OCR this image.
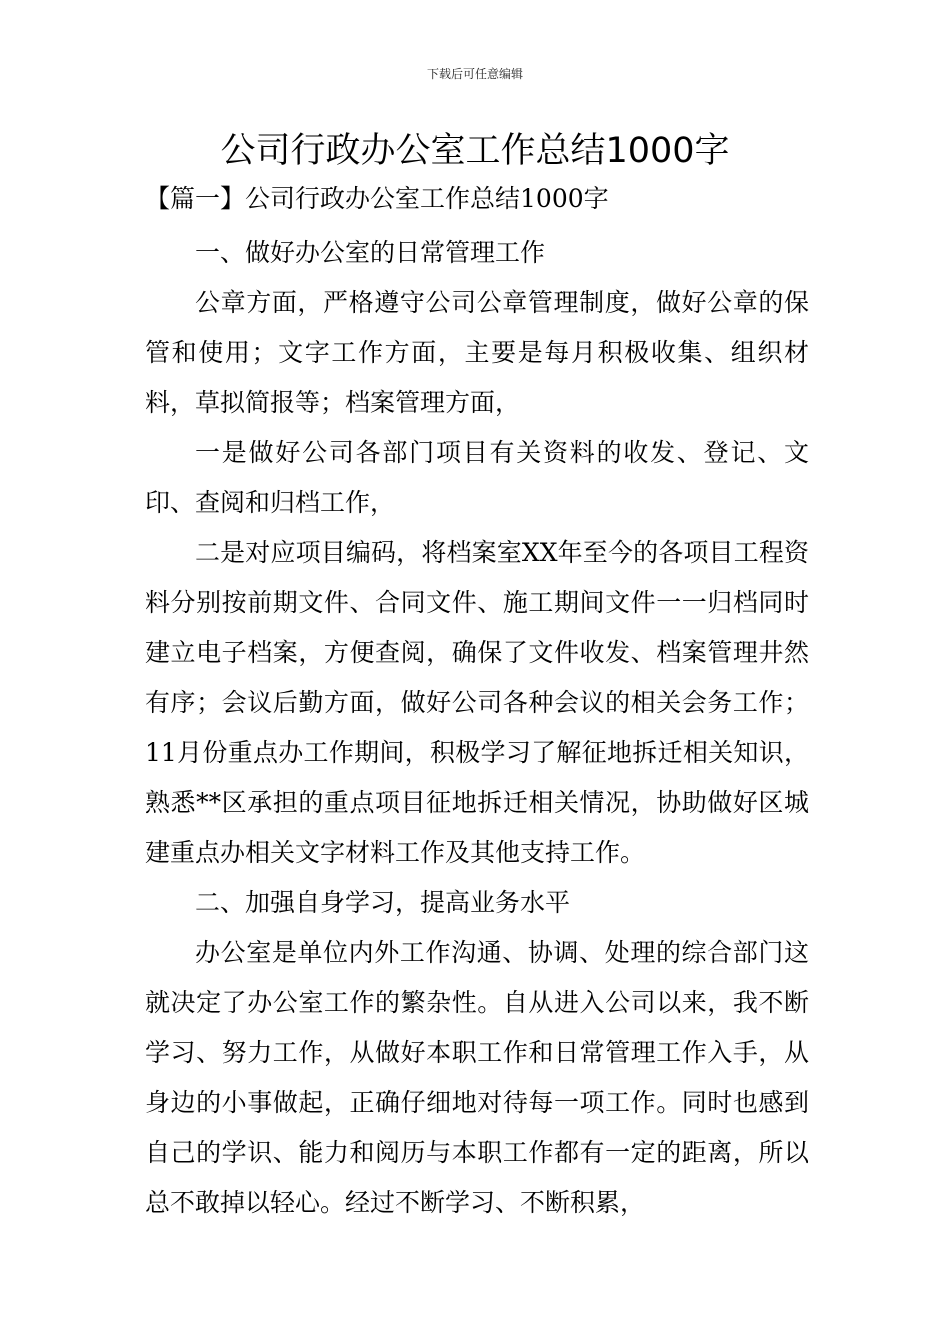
下载后可任意编辑
公司行政办公室工作总结1000字
【篇一】公司行政办公室工作总结1000字

一、做好办公室的日常管理工作

公章方面，严格遵守公司公章管理制度，做好公章的保管和使用；文字工作方面，主要是每月积极收集、组织材料，草拟简报等；档案管理方面，

一是做好公司各部门项目有关资料的收发、登记、文印、查阅和归档工作，

二是对应项目编码，将档案室XX年至今的各项目工程资料分别按前期文件、合同文件、施工期间文件一一归档同时建立电子档案，方便查阅，确保了文件收发、档案管理井然有序；会议后勤方面，做好公司各种会议的相关会务工作；11月份重点办工作期间，积极学习了解征地拆迁相关知识，熟悉**区承担的重点项目征地拆迁相关情况，协助做好区城建重点办相关文字材料工作及其他支持工作。

二、加强自身学习，提高业务水平

办公室是单位内外工作沟通、协调、处理的综合部门这就决定了办公室工作的繁杂性。自从进入公司以来，我不断学习、努力工作，从做好本职工作和日常管理工作入手，从身边的小事做起，正确仔细地对待每一项工作。同时也感到自己的学识、能力和阅历与本职工作都有一定的距离，所以总不敢掉以轻心。经过不断学习、不断积累，
